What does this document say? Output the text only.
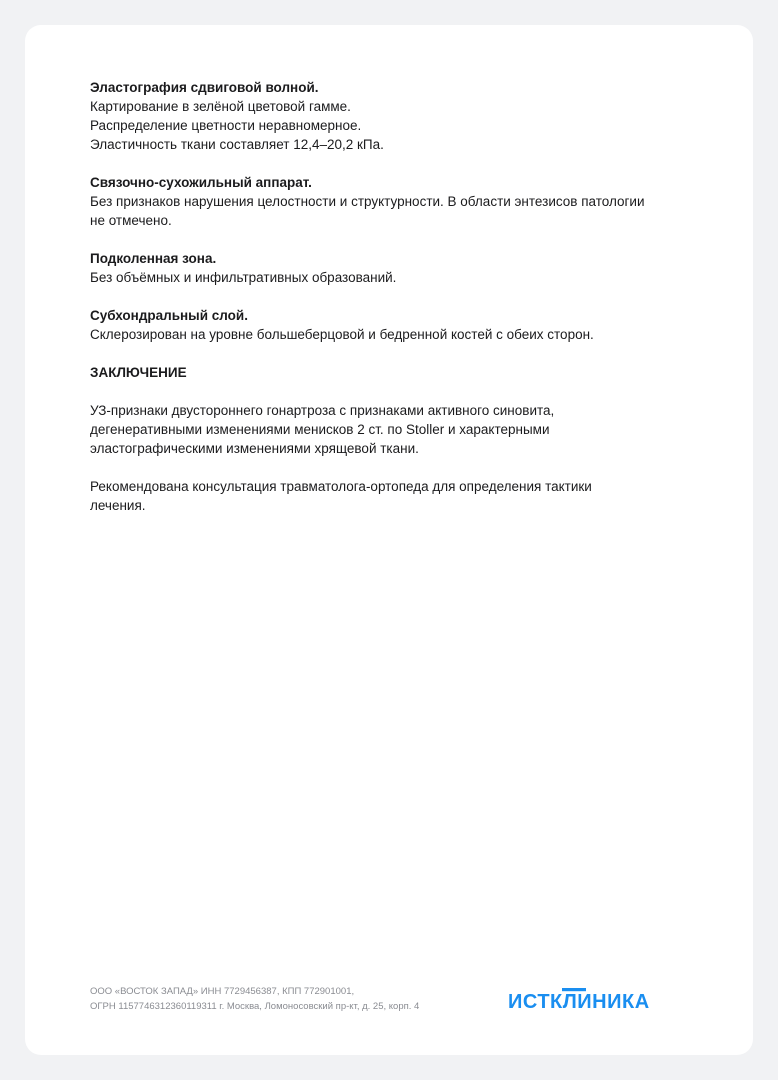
Эластография сдвиговой волной.

Картирование в зелёной цветовой гамме.

Распределение цветности неравномерное.

Эластичность ткани составляет 12,4–20,2 кПа.

Связочно-сухожильный аппарат.

Без признаков нарушения целостности и структурности. В области энтезисов патологии

не отмечено.

Подколенная зона.

Без объёмных и инфильтративных образований.

Субхондральный слой.

Склерозирован на уровне большеберцовой и бедренной костей с обеих сторон.

ЗАКЛЮЧЕНИЕ

УЗ-признаки двустороннего гонартроза с признаками активного синовита,
дегенеративными изменениями менисков 2 ст. по Stoller и характерными
эластографическими изменениями хрящевой ткани.
Рекомендована консультация травматолога-ортопеда для определения тактики
лечения.
ООО «ВОСТОК ЗАПАД» ИНН 7729456387, КПП 772901001,
ОГРН 1157746312360119311 г. Москва, Ломоносовский пр-кт, д. 25, корп. 4	ИСТКЛИНИКА
